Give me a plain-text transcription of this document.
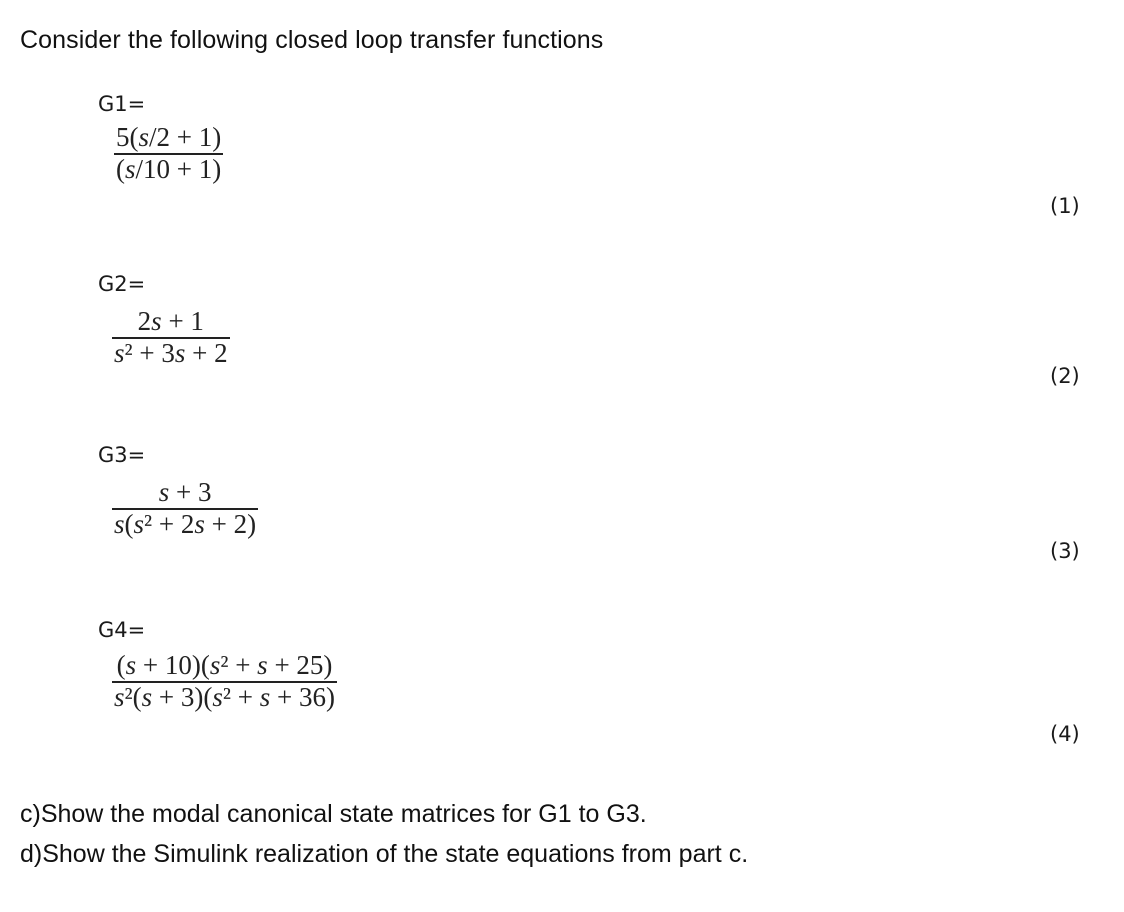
Consider the following closed loop transfer functions
G1=
5(s/2 + 1)
(s/10 + 1)
(1)
G2=
2s + 1
s² + 3s + 2
(2)
G3=
s + 3
s(s² + 2s + 2)
(3)
G4=
(s + 10)(s² + s + 25)
s²(s + 3)(s² + s + 36)
(4)
c)Show the modal canonical state matrices for G1 to G3.
d)Show the Simulink realization of the state equations from part c.
